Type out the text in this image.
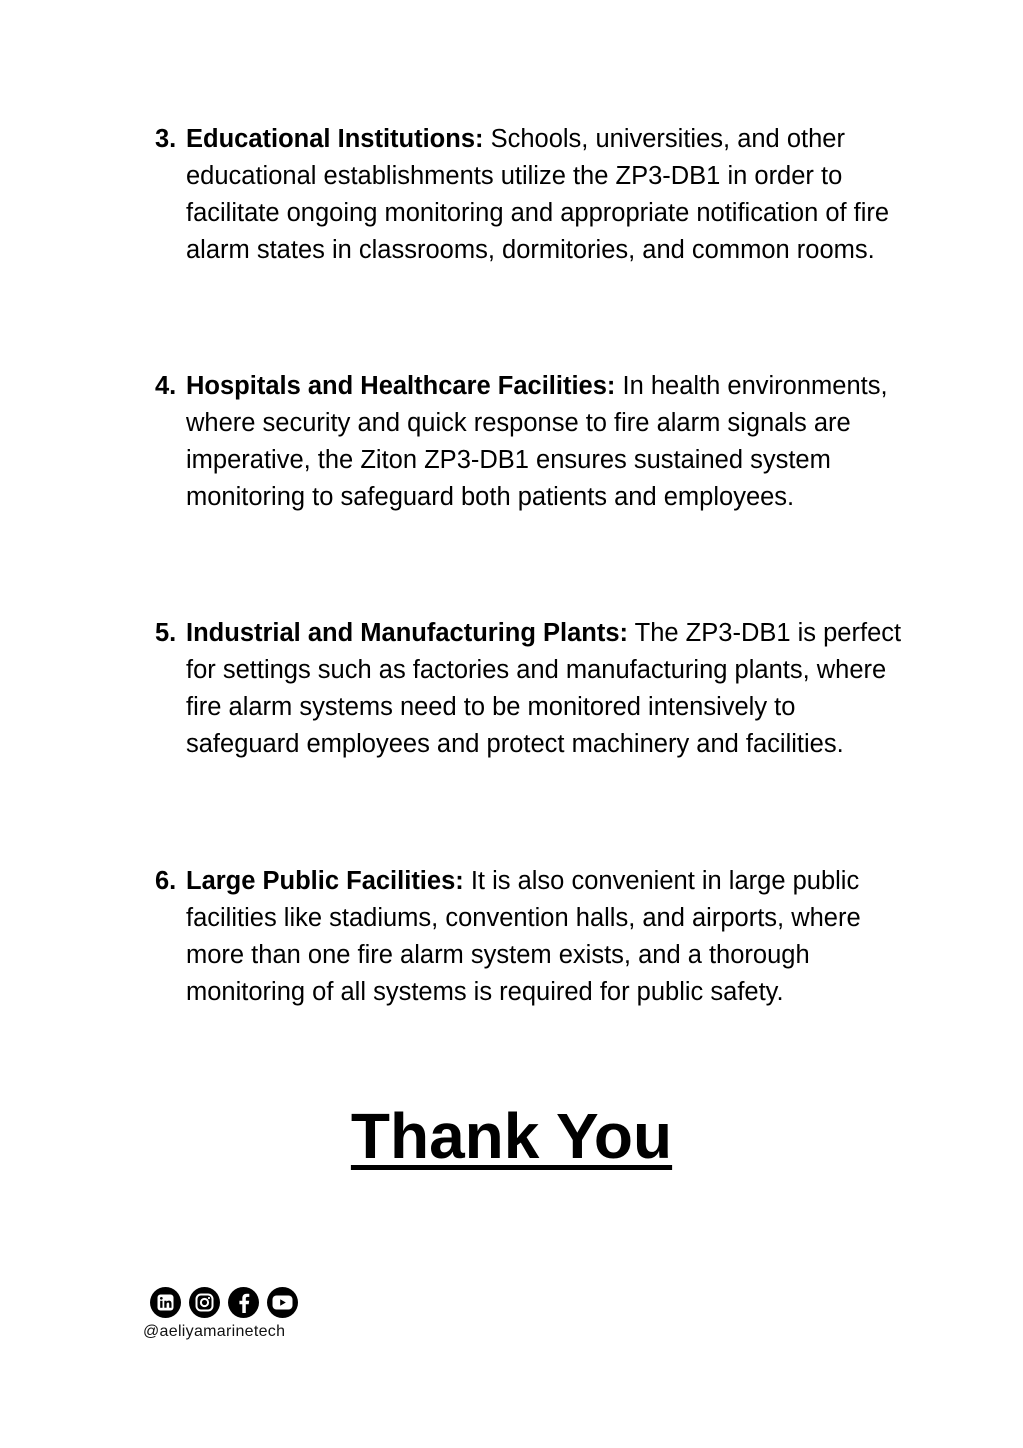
3. Educational Institutions: Schools, universities, and other educational establishments utilize the ZP3-DB1 in order to facilitate ongoing monitoring and appropriate notification of fire alarm states in classrooms, dormitories, and common rooms.
4. Hospitals and Healthcare Facilities: In health environments, where security and quick response to fire alarm signals are imperative, the Ziton ZP3-DB1 ensures sustained system monitoring to safeguard both patients and employees.
5. Industrial and Manufacturing Plants: The ZP3-DB1 is perfect for settings such as factories and manufacturing plants, where fire alarm systems need to be monitored intensively to safeguard employees and protect machinery and facilities.
6. Large Public Facilities: It is also convenient in large public facilities like stadiums, convention halls, and airports, where more than one fire alarm system exists, and a thorough monitoring of all systems is required for public safety.
Thank You
@aeliyamarinetech
